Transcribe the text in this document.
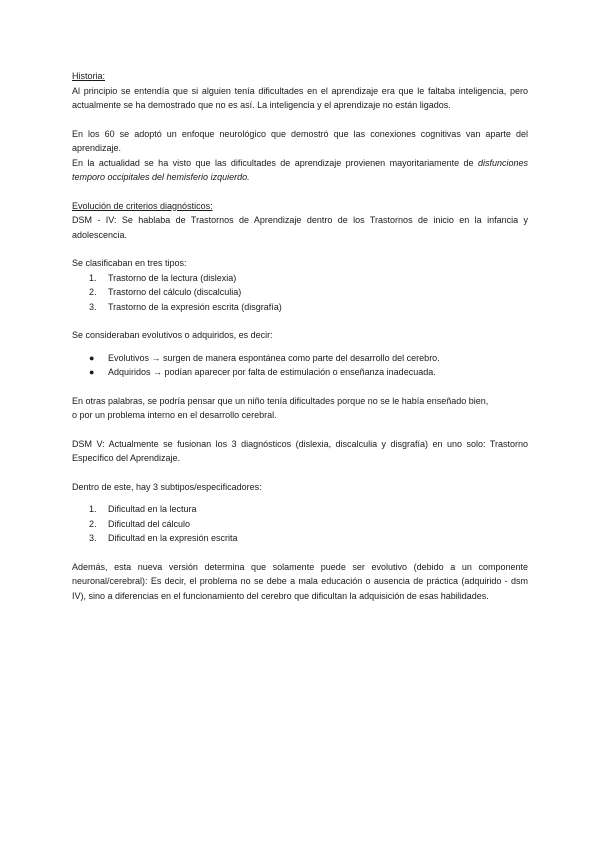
Historia:

Al principio se entendía que si alguien tenía dificultades en el aprendizaje era que le faltaba inteligencia, pero actualmente se ha demostrado que no es así. La inteligencia y el aprendizaje no están ligados.

En los 60 se adoptó un enfoque neurológico que demostró que las conexiones cognitivas van aparte del aprendizaje.

En la actualidad se ha visto que las dificultades de aprendizaje provienen mayoritariamente de disfunciones temporo occipitales del hemisferio izquierdo.

Evolución de criterios diagnósticos:

DSM - IV: Se hablaba de Trastornos de Aprendizaje dentro de los Trastornos de inicio en la infancia y adolescencia.

Se clasificaban en tres tipos:

1.	Trastorno de la lectura (dislexia)
2.	Trastorno del cálculo (discalculia)
3.	Trastorno de la expresión escrita (disgrafía)

Se consideraban evolutivos o adquiridos, es decir:

●	Evolutivos → surgen de manera espontánea como parte del desarrollo del cerebro.
●	Adquiridos → podían aparecer por falta de estimulación o enseñanza inadecuada.

En otras palabras, se podría pensar que un niño tenía dificultades porque no se le había enseñado bien,

o por un problema interno en el desarrollo cerebral.

DSM V: Actualmente se fusionan los 3 diagnósticos (dislexia, discalculia y disgrafía) en uno solo: Trastorno Específico del Aprendizaje.

Dentro de este, hay 3 subtipos/especificadores:

1.	Dificultad en la lectura
2.	Dificultad del cálculo
3.	Dificultad en la expresión escrita

Además, esta nueva versión determina que solamente puede ser evolutivo (debido a un componente neuronal/cerebral): Es decir, el problema no se debe a mala educación o ausencia de práctica (adquirido - dsm IV), sino a diferencias en el funcionamiento del cerebro que dificultan la adquisición de esas habilidades.
